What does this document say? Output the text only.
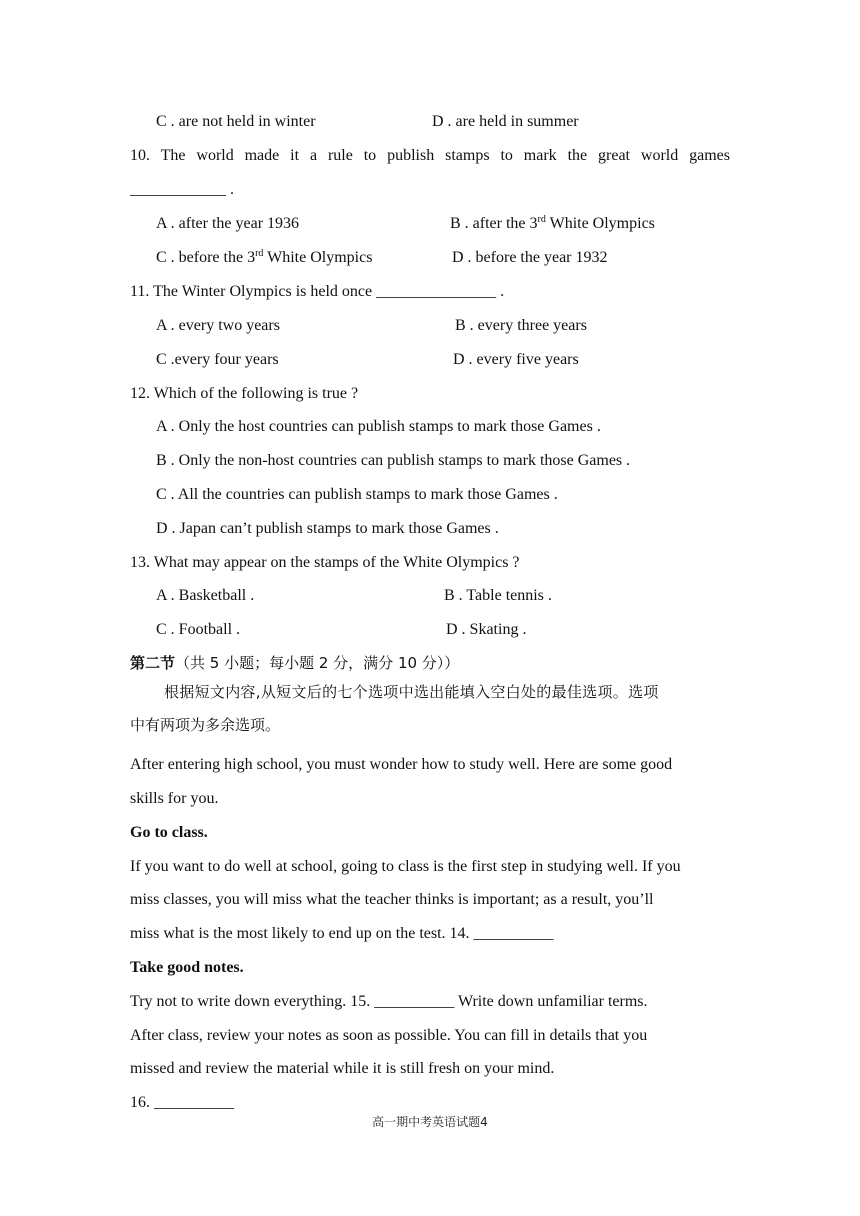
C . are not held in winter	D . are held in summer
10. The world made it a rule to publish stamps to mark the great world games
____________ .
A . after the year 1936	B . after the 3rd White Olympics
C . before the 3rd White Olympics	D . before the year 1932
11. The Winter Olympics is held once _______________ .
A . every two years	B . every three years
C .every four years	D . every five years
12. Which of the following is true ?
A . Only the host countries can publish stamps to mark those Games .
B . Only the non-host countries can publish stamps to mark those Games .
C . All the countries can publish stamps to mark those Games .
D . Japan can’t publish stamps to mark those Games .
13. What may appear on the stamps of the White Olympics ?
A . Basketball .	B . Table tennis .
C . Football .	D . Skating .
第二节（共 5 小题；每小题 2 分，满分 10 分））
根据短文内容,从短文后的七个选项中选出能填入空白处的最佳选项。选项
中有两项为多余选项。
After entering high school, you must wonder how to study well. Here are some good
skills for you.
Go to class.
If you want to do well at school, going to class is the first step in studying well. If you
miss classes, you will miss what the teacher thinks is important; as a result, you’ll
miss what is the most likely to end up on the test. 14. __________
Take good notes.
Try not to write down everything. 15. __________ Write down unfamiliar terms.
After class, review your notes as soon as possible. You can fill in details that you
missed and review the material while it is still fresh on your mind.
16. __________
高一期中考英语试题4
